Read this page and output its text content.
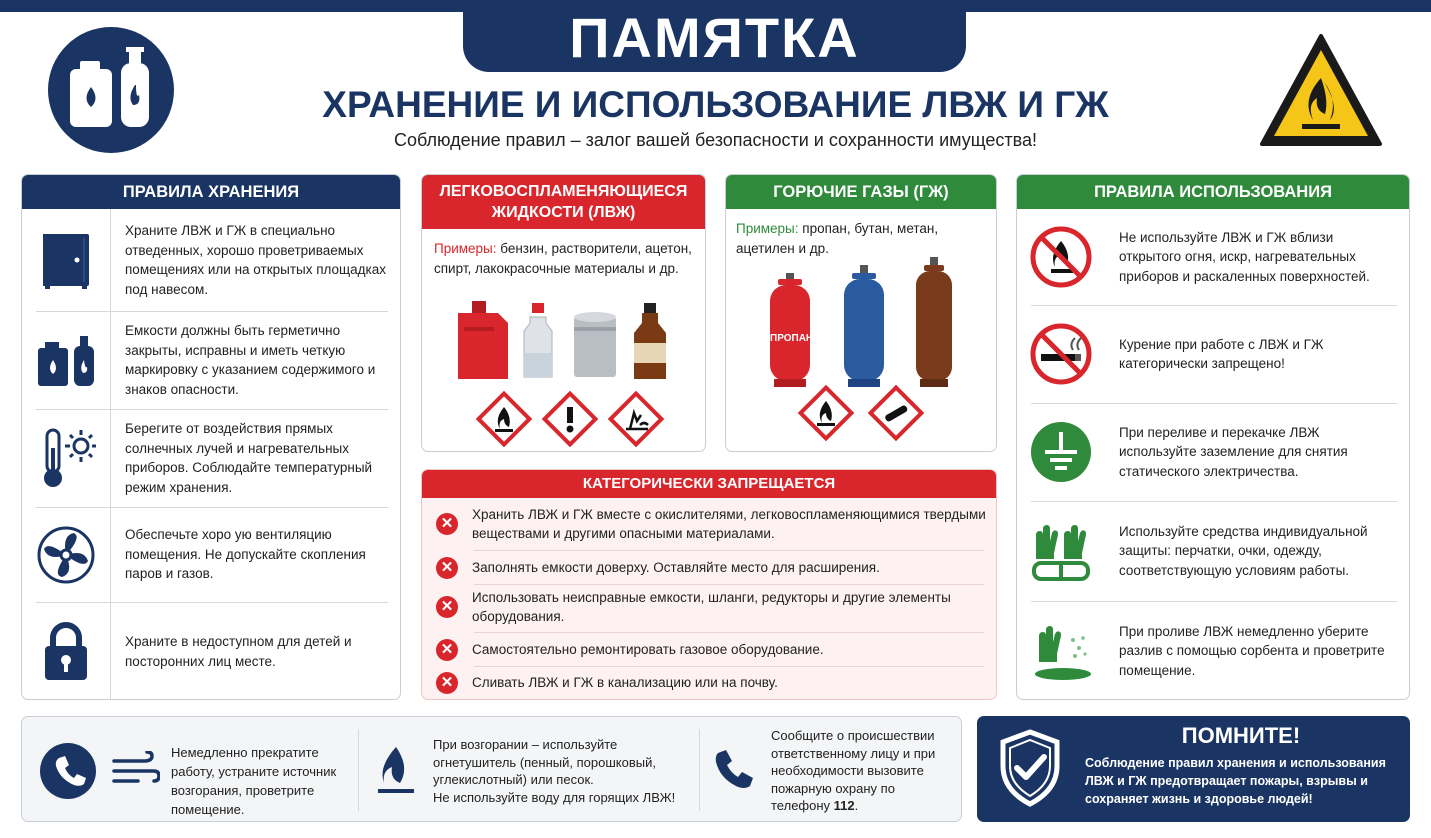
ПАМЯТКА
ХРАНЕНИЕ И ИСПОЛЬЗОВАНИЕ ЛВЖ И ГЖ
Соблюдение правил – залог вашей безопасности и сохранности имущества!
ПРАВИЛА ХРАНЕНИЯ
Храните ЛВЖ и ГЖ в специально отведенных, хорошо проветриваемых помещениях или на открытых площадках под навесом.
Емкости должны быть герметично закрыты, исправны и иметь четкую маркировку с указанием содержимого и знаков опасности.
Берегите от воздействия прямых солнечных лучей и нагревательных приборов. Соблюдайте температурный режим хранения.
Обеспечьте хоро ую вентиляцию помещения. Не допускайте скопления паров и газов.
Храните в недоступном для детей и посторонних лиц месте.
ЛЕГКОВОСПЛАМЕНЯЮЩИЕСЯ
ЖИДКОСТИ (ЛВЖ)
Примеры: бензин, растворители, ацетон, спирт, лакокрасочные материалы и др.
ГОРЮЧИЕ ГАЗЫ (ГЖ)
Примеры: пропан, бутан, метан, ацетилен и др.
ПРОПАН
КАТЕГОРИЧЕСКИ ЗАПРЕЩАЕТСЯ
✕
Хранить ЛВЖ и ГЖ вместе с окислителями, легковоспламеняющимися твердыми веществами и другими опасными материалами.
✕	Заполнять емкости доверху. Оставляйте место для расширения.
✕
Использовать неисправные емкости, шланги, редукторы и другие элементы оборудования.
✕	Самостоятельно ремонтировать газовое оборудование.
✕	Сливать ЛВЖ и ГЖ в канализацию или на почву.
ПРАВИЛА ИСПОЛЬЗОВАНИЯ
Не используйте ЛВЖ и ГЖ вблизи открытого огня, искр, нагревательных приборов и раскаленных поверхностей.
Курение при работе с ЛВЖ и ГЖ категорически запрещено!
При переливе и перекачке ЛВЖ используйте заземление для снятия статического электричества.
Используйте средства индивидуальной защиты: перчатки, очки, одежду, соответствующую условиям работы.
При проливе ЛВЖ немедленно уберите разлив с помощью сорбента и проветрите помещение.
Немедленно прекратите работу, устраните источник возгорания, проветрите помещение.
При возгорании – используйте огнетушитель (пенный, порошковый, углекислотный) или песок.
Не используйте воду для горящих ЛВЖ!
Сообщите о происшествии ответственному лицу и при необходимости вызовите пожарную охрану по телефону 112.
ПОМНИТЕ!
Соблюдение правил хранения и использования ЛВЖ и ГЖ предотвращает пожары, взрывы и сохраняет жизнь и здоровье людей!
